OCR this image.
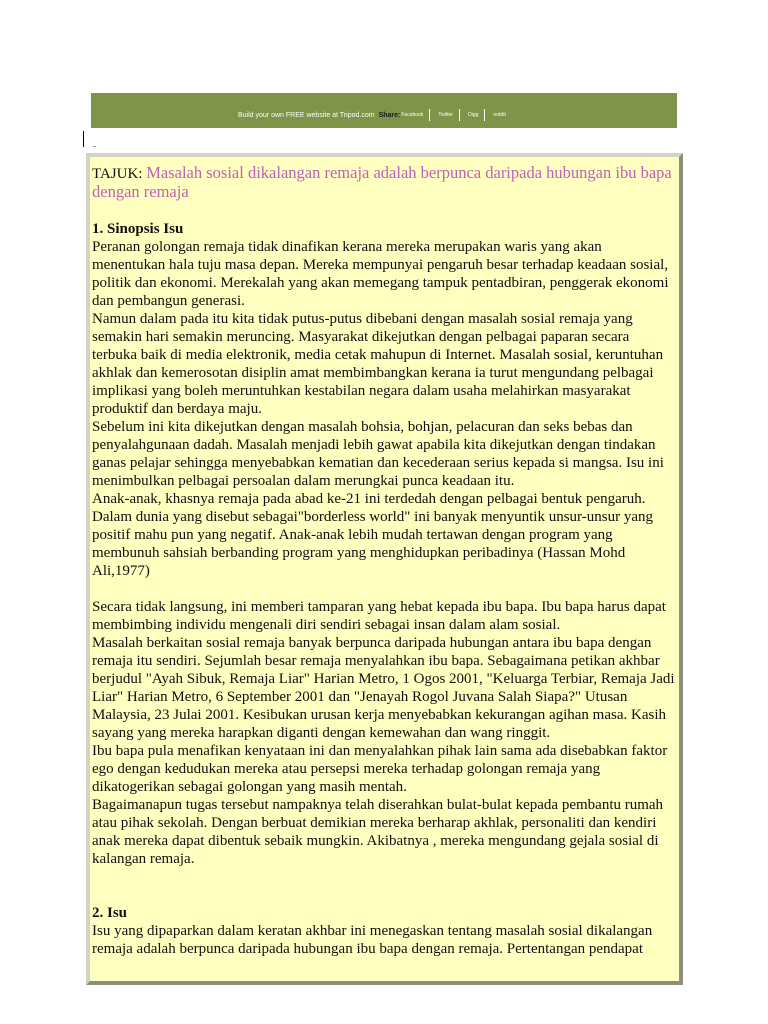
Build your own FREE website at Tripod.com Share: Facebook	Twitter	Digg	reddit

TAJUK: Masalah sosial dikalangan remaja adalah berpunca daripada hubungan ibu bapa dengan remaja

1. Sinopsis Isu

Peranan golongan remaja tidak dinafikan kerana mereka merupakan waris yang akan menentukan hala tuju masa depan. Mereka mempunyai pengaruh besar terhadap keadaan sosial, politik dan ekonomi. Merekalah yang akan memegang tampuk pentadbiran, penggerak ekonomi dan pembangun generasi.

Namun dalam pada itu kita tidak putus-putus dibebani dengan masalah sosial remaja yang semakin hari semakin meruncing. Masyarakat dikejutkan dengan pelbagai paparan secara terbuka baik di media elektronik, media cetak mahupun di Internet. Masalah sosial, keruntuhan akhlak dan kemerosotan disiplin amat membimbangkan kerana ia turut mengundang pelbagai implikasi yang boleh meruntuhkan kestabilan negara dalam usaha melahirkan masyarakat produktif dan berdaya maju.

Sebelum ini kita dikejutkan dengan masalah bohsia, bohjan, pelacuran dan seks bebas dan penyalahgunaan dadah. Masalah menjadi lebih gawat apabila kita dikejutkan dengan tindakan ganas pelajar sehingga menyebabkan kematian dan kecederaan serius kepada si mangsa. Isu ini menimbulkan pelbagai persoalan dalam merungkai punca keadaan itu.

Anak-anak, khasnya remaja pada abad ke-21 ini terdedah dengan pelbagai bentuk pengaruh. Dalam dunia yang disebut sebagai"borderless world" ini banyak menyuntik unsur-unsur yang positif mahu pun yang negatif. Anak-anak lebih mudah tertawan dengan program yang membunuh sahsiah berbanding program yang menghidupkan peribadinya (Hassan Mohd Ali,1977)

Secara tidak langsung, ini memberi tamparan yang hebat kepada ibu bapa. Ibu bapa harus dapat membimbing individu mengenali diri sendiri sebagai insan dalam alam sosial.

Masalah berkaitan sosial remaja banyak berpunca daripada hubungan antara ibu bapa dengan remaja itu sendiri. Sejumlah besar remaja menyalahkan ibu bapa. Sebagaimana petikan akhbar berjudul "Ayah Sibuk, Remaja Liar" Harian Metro, 1 Ogos 2001, "Keluarga Terbiar, Remaja Jadi Liar" Harian Metro, 6 September 2001 dan "Jenayah Rogol Juvana Salah Siapa?" Utusan Malaysia, 23 Julai 2001. Kesibukan urusan kerja menyebabkan kekurangan agihan masa. Kasih sayang yang mereka harapkan diganti dengan kemewahan dan wang ringgit.

Ibu bapa pula menafikan kenyataan ini dan menyalahkan pihak lain sama ada disebabkan faktor ego dengan kedudukan mereka atau persepsi mereka terhadap golongan remaja yang dikatogerikan sebagai golongan yang masih mentah.

Bagaimanapun tugas tersebut nampaknya telah diserahkan bulat-bulat kepada pembantu rumah atau pihak sekolah. Dengan berbuat demikian mereka berharap akhlak, personaliti dan kendiri anak mereka dapat dibentuk sebaik mungkin. Akibatnya , mereka mengundang gejala sosial di kalangan remaja.

2. Isu

Isu yang dipaparkan dalam keratan akhbar ini menegaskan tentang masalah sosial dikalangan remaja adalah berpunca daripada hubungan ibu bapa dengan remaja. Pertentangan pendapat
